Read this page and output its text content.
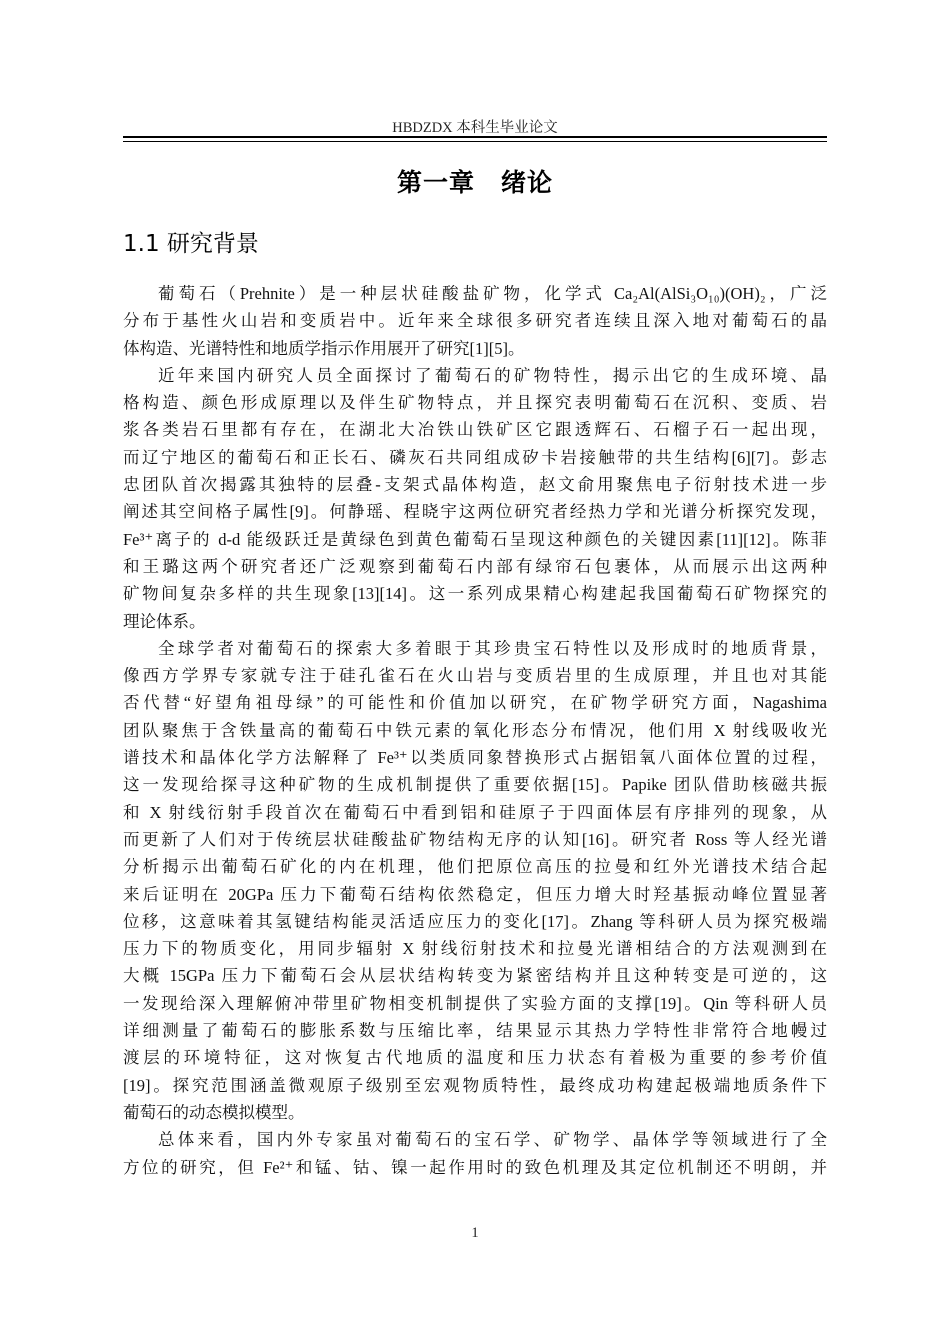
HBDZDX 本科生毕业论文
第一章　绪论
1.1 研究背景
葡萄石（Prehnite）是一种层状硅酸盐矿物，化学式 Ca₂Al(AlSi₃O₁₀)(OH)₂，广泛
分布于基性火山岩和变质岩中。近年来全球很多研究者连续且深入地对葡萄石的晶
体构造、光谱特性和地质学指示作用展开了研究[1][5]。
近年来国内研究人员全面探讨了葡萄石的矿物特性，揭示出它的生成环境、晶
格构造、颜色形成原理以及伴生矿物特点，并且探究表明葡萄石在沉积、变质、岩
浆各类岩石里都有存在，在湖北大冶铁山铁矿区它跟透辉石、石榴子石一起出现，
而辽宁地区的葡萄石和正长石、磷灰石共同组成矽卡岩接触带的共生结构[6][7]。彭志
忠团队首次揭露其独特的层叠-支架式晶体构造，赵文俞用聚焦电子衍射技术进一步
阐述其空间格子属性[9]。何静瑶、程晓宇这两位研究者经热力学和光谱分析探究发现，
Fe³⁺离子的 d-d 能级跃迁是黄绿色到黄色葡萄石呈现这种颜色的关键因素[11][12]。陈菲
和王璐这两个研究者还广泛观察到葡萄石内部有绿帘石包裹体，从而展示出这两种
矿物间复杂多样的共生现象[13][14]。这一系列成果精心构建起我国葡萄石矿物探究的
理论体系。
全球学者对葡萄石的探索大多着眼于其珍贵宝石特性以及形成时的地质背景，
像西方学界专家就专注于硅孔雀石在火山岩与变质岩里的生成原理，并且也对其能
否代替“好望角祖母绿”的可能性和价值加以研究，在矿物学研究方面，Nagashima
团队聚焦于含铁量高的葡萄石中铁元素的氧化形态分布情况，他们用 X 射线吸收光
谱技术和晶体化学方法解释了 Fe³⁺以类质同象替换形式占据铝氧八面体位置的过程，
这一发现给探寻这种矿物的生成机制提供了重要依据[15]。Papike 团队借助核磁共振
和 X 射线衍射手段首次在葡萄石中看到铝和硅原子于四面体层有序排列的现象，从
而更新了人们对于传统层状硅酸盐矿物结构无序的认知[16]。研究者 Ross 等人经光谱
分析揭示出葡萄石矿化的内在机理，他们把原位高压的拉曼和红外光谱技术结合起
来后证明在 20GPa 压力下葡萄石结构依然稳定，但压力增大时羟基振动峰位置显著
位移，这意味着其氢键结构能灵活适应压力的变化[17]。Zhang 等科研人员为探究极端
压力下的物质变化，用同步辐射 X 射线衍射技术和拉曼光谱相结合的方法观测到在
大概 15GPa 压力下葡萄石会从层状结构转变为紧密结构并且这种转变是可逆的，这
一发现给深入理解俯冲带里矿物相变机制提供了实验方面的支撑[19]。Qin 等科研人员
详细测量了葡萄石的膨胀系数与压缩比率，结果显示其热力学特性非常符合地幔过
渡层的环境特征，这对恢复古代地质的温度和压力状态有着极为重要的参考价值
[19]。探究范围涵盖微观原子级别至宏观物质特性，最终成功构建起极端地质条件下
葡萄石的动态模拟模型。
总体来看，国内外专家虽对葡萄石的宝石学、矿物学、晶体学等领域进行了全
方位的研究，但 Fe²⁺和锰、钴、镍一起作用时的致色机理及其定位机制还不明朗，并
1
